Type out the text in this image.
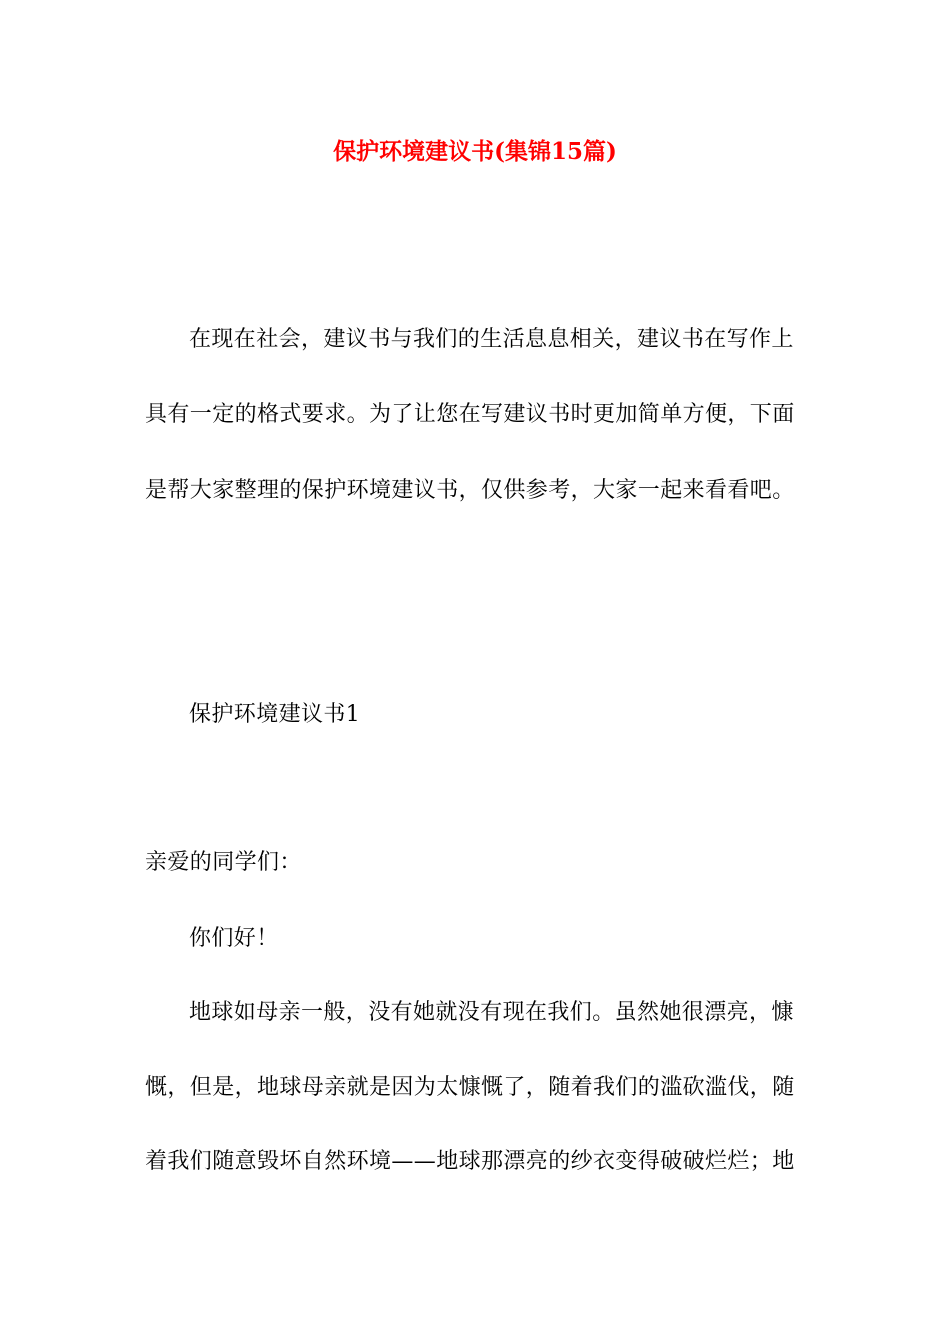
保护环境建议书(集锦15篇)
在现在社会，建议书与我们的生活息息相关，建议书在写作上
具有一定的格式要求。为了让您在写建议书时更加简单方便，下面
是帮大家整理的保护环境建议书，仅供参考，大家一起来看看吧。
保护环境建议书1
亲爱的同学们：
你们好！
地球如母亲一般，没有她就没有现在我们。虽然她很漂亮，慷
慨，但是，地球母亲就是因为太慷慨了，随着我们的滥砍滥伐，随
着我们随意毁坏自然环境——地球那漂亮的纱衣变得破破烂烂；地
